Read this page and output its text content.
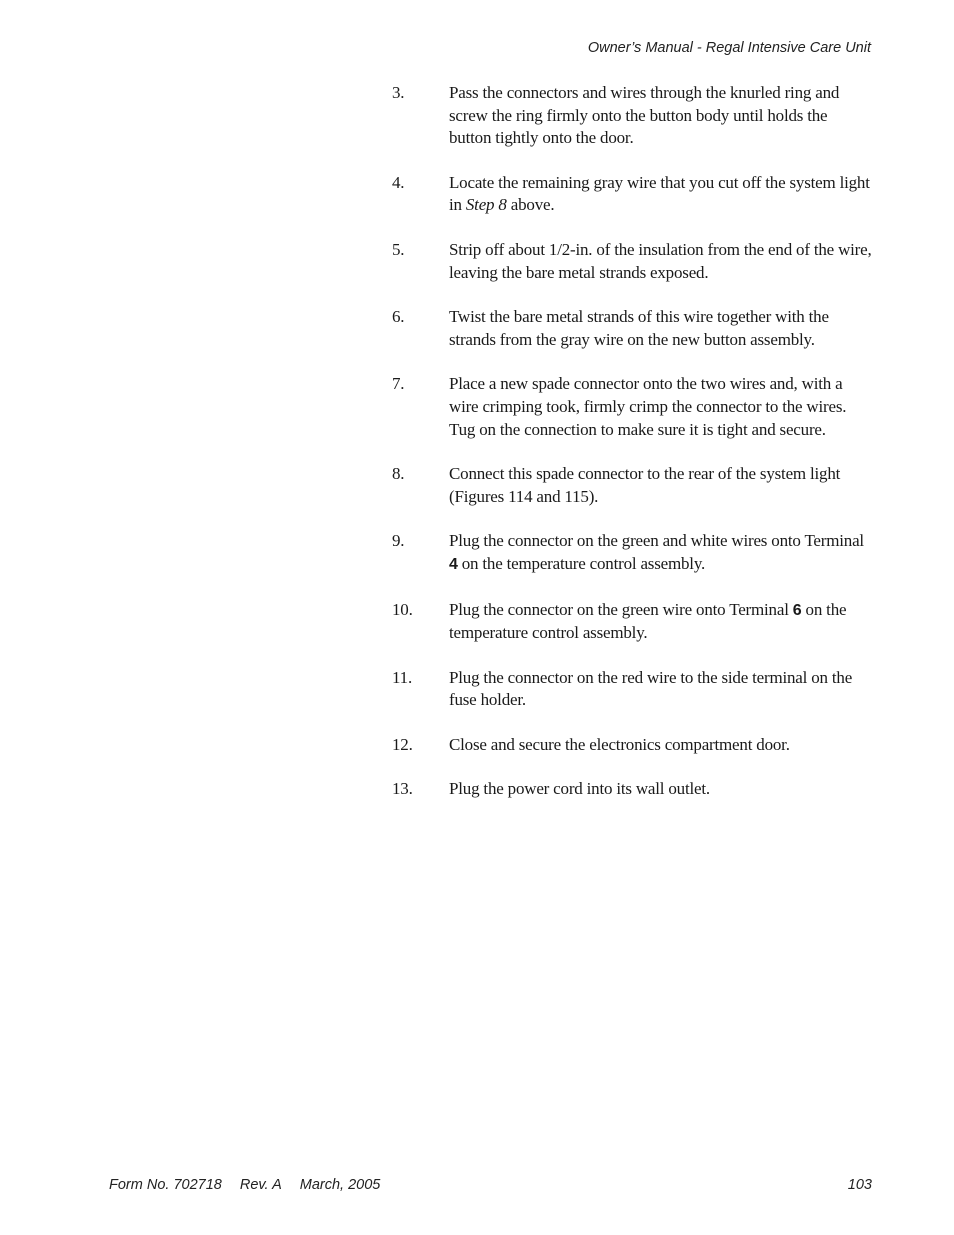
Owner’s Manual - Regal Intensive Care Unit
3.	Pass the connectors and wires through the knurled ring and screw the ring firmly onto the button body until holds the button tightly onto the door.
4.	Locate the remaining gray wire that you cut off the system light in Step 8 above.
5.	Strip off about 1/2-in. of the insulation from the end of the wire, leaving the bare metal strands exposed.
6.	Twist the bare metal strands of this wire together with the strands from the gray wire on the new button assembly.
7.	Place a new spade connector onto the two wires and, with a wire crimping took, firmly crimp the connector to the wires. Tug on the connection to make sure it is tight and secure.
8.	Connect this spade connector to the rear of the system light (Figures 114 and 115).
9.	Plug the connector on the green and white wires onto Terminal 4 on the temperature control assembly.
10.	Plug the connector on the green wire onto Terminal 6 on the temperature control assembly.
11.	Plug the connector on the red wire to the side terminal on the fuse holder.
12.	Close and secure the electronics compartment door.
13.	Plug the power cord into its wall outlet.
Form No. 702718 Rev. A March, 2005	103
